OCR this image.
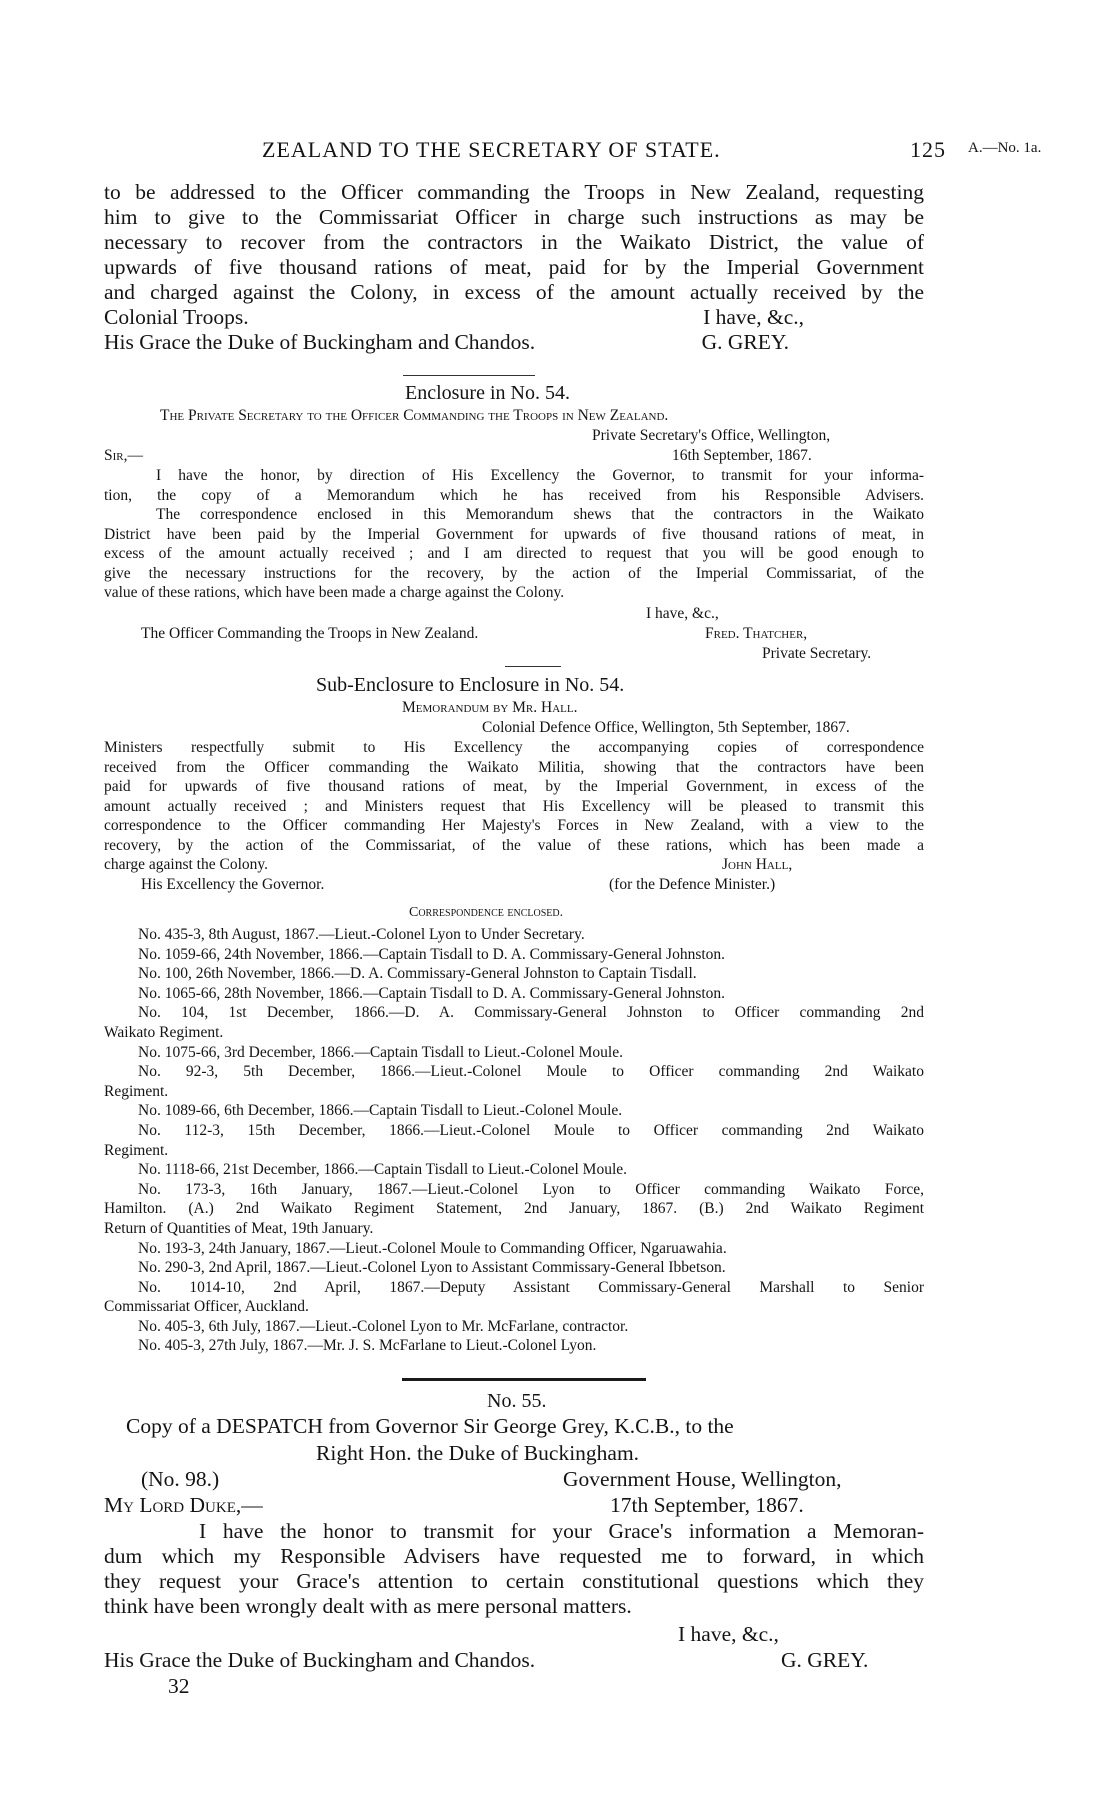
ZEALAND TO THE SECRETARY OF STATE.	125 A.—No. 1a.

to be addressed to the Officer commanding the Troops in New Zealand, requesting

him to give to the Commissariat Officer in charge such instructions as may be

necessary to recover from the contractors in the Waikato District, the value of

upwards of five thousand rations of meat, paid for by the Imperial Government

and charged against the Colony, in excess of the amount actually received by the

Colonial Troops.	I have, &c.,
His Grace the Duke of Buckingham and Chandos.	G. GREY.
Enclosure in No. 54.
The Private Secretary to the Officer Commanding the Troops in New Zealand.
Private Secretary's Office, Wellington,
Sir,—	16th September, 1867.

I have the honor, by direction of His Excellency the Governor, to transmit for your informa-

tion, the copy of a Memorandum which he has received from his Responsible Advisers.

The correspondence enclosed in this Memorandum shews that the contractors in the Waikato

District have been paid by the Imperial Government for upwards of five thousand rations of meat, in

excess of the amount actually received ; and I am directed to request that you will be good enough to

give the necessary instructions for the recovery, by the action of the Imperial Commissariat, of the

value of these rations, which have been made a charge against the Colony.

I have, &c.,
The Officer Commanding the Troops in New Zealand.	Fred. Thatcher,
Private Secretary.
Sub-Enclosure to Enclosure in No. 54.
Memorandum by Mr. Hall.
Colonial Defence Office, Wellington, 5th September, 1867.

Ministers respectfully submit to His Excellency the accompanying copies of correspondence

received from the Officer commanding the Waikato Militia, showing that the contractors have been

paid for upwards of five thousand rations of meat, by the Imperial Government, in excess of the

amount actually received ; and Ministers request that His Excellency will be pleased to transmit this

correspondence to the Officer commanding Her Majesty's Forces in New Zealand, with a view to the

recovery, by the action of the Commissariat, of the value of these rations, which has been made a

charge against the Colony.	John Hall,
His Excellency the Governor.	(for the Defence Minister.)
Correspondence enclosed.

No. 435-3, 8th August, 1867.—Lieut.-Colonel Lyon to Under Secretary.

No. 1059-66, 24th November, 1866.—Captain Tisdall to D. A. Commissary-General Johnston.

No. 100, 26th November, 1866.—D. A. Commissary-General Johnston to Captain Tisdall.

No. 1065-66, 28th November, 1866.—Captain Tisdall to D. A. Commissary-General Johnston.

No. 104, 1st December, 1866.—D. A. Commissary-General Johnston to Officer commanding 2nd

Waikato Regiment.

No. 1075-66, 3rd December, 1866.—Captain Tisdall to Lieut.-Colonel Moule.

No. 92-3, 5th December, 1866.—Lieut.-Colonel Moule to Officer commanding 2nd Waikato

Regiment.

No. 1089-66, 6th December, 1866.—Captain Tisdall to Lieut.-Colonel Moule.

No. 112-3, 15th December, 1866.—Lieut.-Colonel Moule to Officer commanding 2nd Waikato

Regiment.

No. 1118-66, 21st December, 1866.—Captain Tisdall to Lieut.-Colonel Moule.

No. 173-3, 16th January, 1867.—Lieut.-Colonel Lyon to Officer commanding Waikato Force,

Hamilton. (A.) 2nd Waikato Regiment Statement, 2nd January, 1867. (B.) 2nd Waikato Regiment

Return of Quantities of Meat, 19th January.

No. 193-3, 24th January, 1867.—Lieut.-Colonel Moule to Commanding Officer, Ngaruawahia.

No. 290-3, 2nd April, 1867.—Lieut.-Colonel Lyon to Assistant Commissary-General Ibbetson.

No. 1014-10, 2nd April, 1867.—Deputy Assistant Commissary-General Marshall to Senior

Commissariat Officer, Auckland.

No. 405-3, 6th July, 1867.—Lieut.-Colonel Lyon to Mr. McFarlane, contractor.

No. 405-3, 27th July, 1867.—Mr. J. S. McFarlane to Lieut.-Colonel Lyon.

No. 55.
Copy of a DESPATCH from Governor Sir George Grey, K.C.B., to the
Right Hon. the Duke of Buckingham.
(No. 98.)	Government House, Wellington,
My Lord Duke,—	17th September, 1867.

I have the honor to transmit for your Grace's information a Memoran-

dum which my Responsible Advisers have requested me to forward, in which

they request your Grace's attention to certain constitutional questions which they

think have been wrongly dealt with as mere personal matters.

I have, &c.,
His Grace the Duke of Buckingham and Chandos.	G. GREY.
32
